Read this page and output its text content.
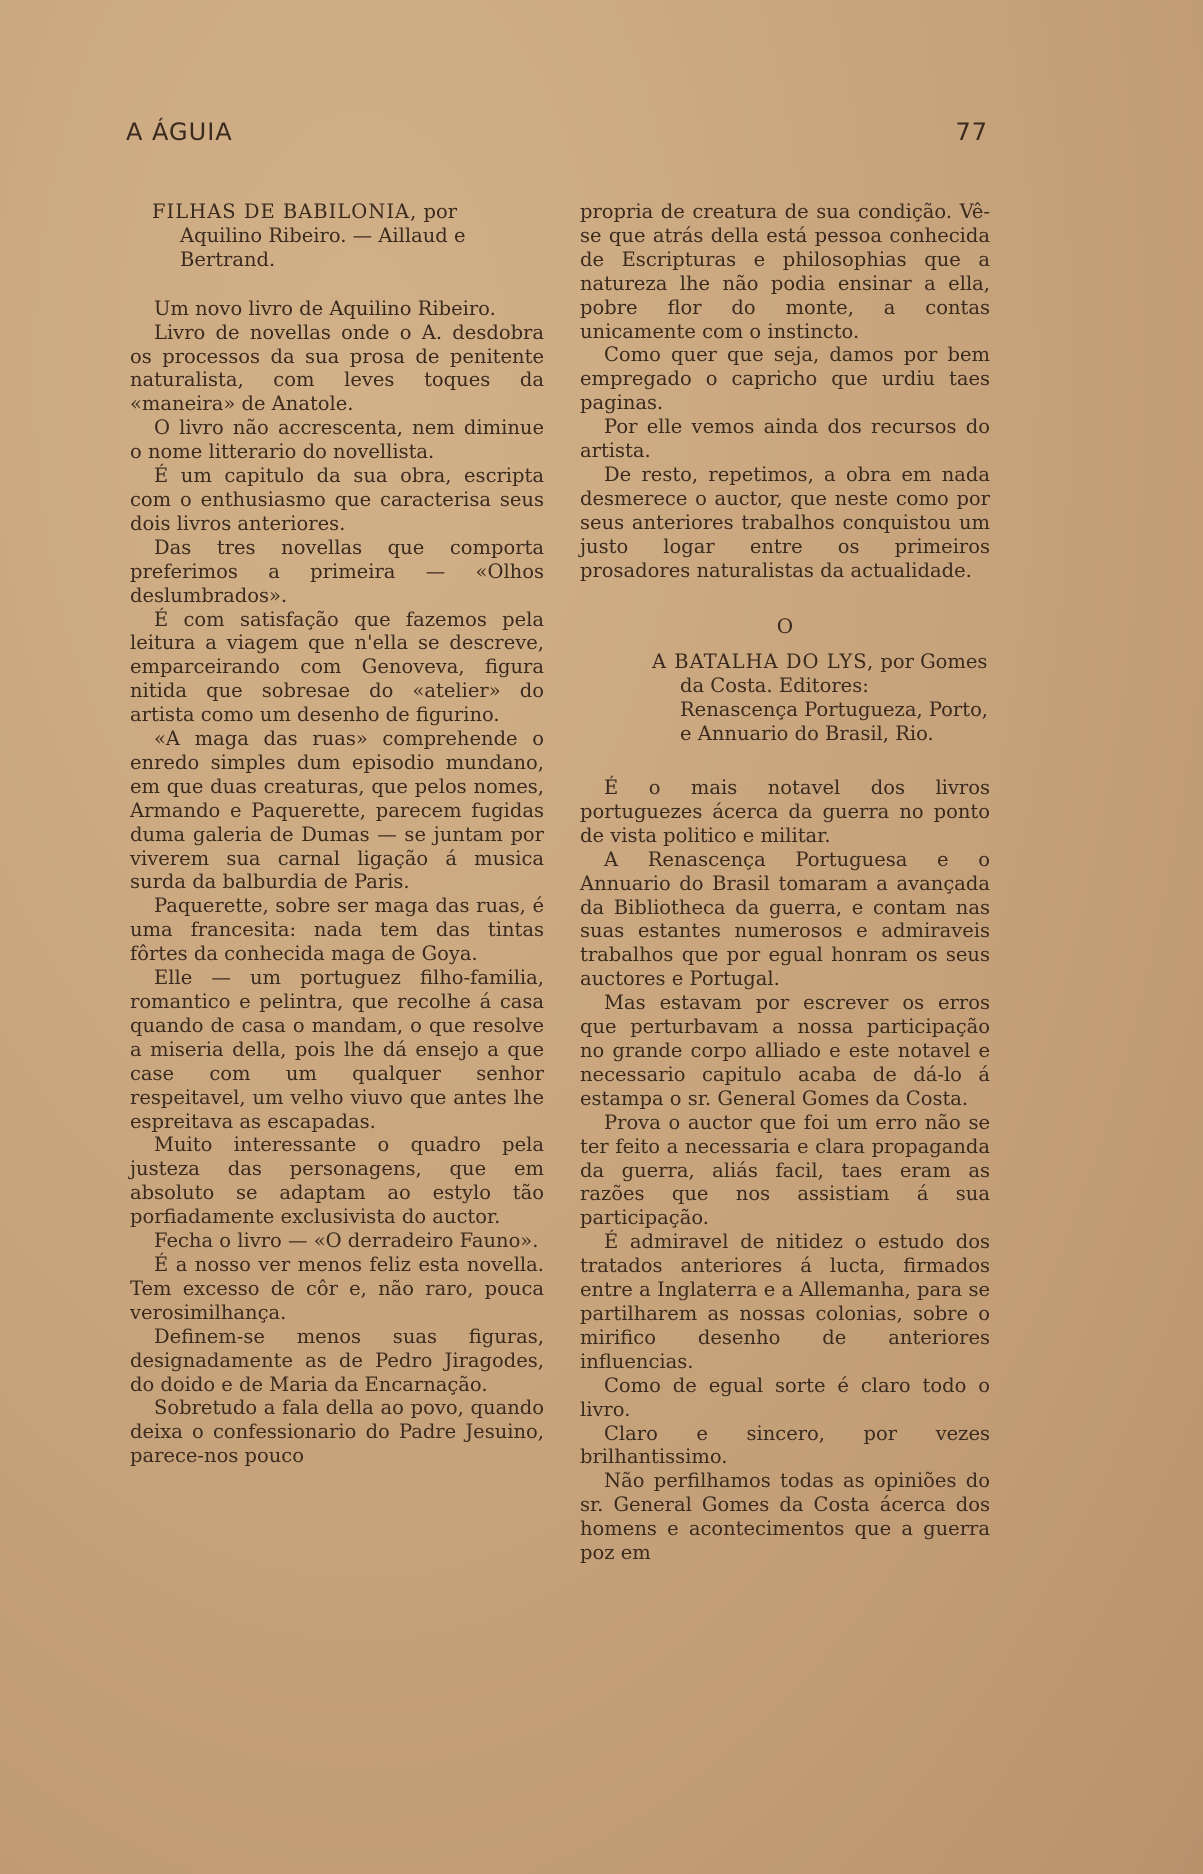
A ÁGUIA	77
FILHAS DE BABILONIA, por Aquilino Ribeiro. — Aillaud e Bertrand.

Um novo livro de Aquilino Ribeiro.

Livro de novellas onde o A. desdobra os processos da sua prosa de penitente naturalista, com leves toques da «maneira» de Anatole.

O livro não accrescenta, nem diminue o nome litterario do novellista.

É um capitulo da sua obra, escripta com o enthusiasmo que caracterisa seus dois livros anteriores.

Das tres novellas que comporta preferimos a primeira — «Olhos deslumbrados».

É com satisfação que fazemos pela leitura a viagem que n'ella se descreve, emparceirando com Genoveva, figura nitida que sobresae do «atelier» do artista como um desenho de figurino.

«A maga das ruas» comprehende o enredo simples dum episodio mundano, em que duas creaturas, que pelos nomes, Armando e Paquerette, parecem fugidas duma galeria de Dumas — se juntam por viverem sua carnal ligação á musica surda da balburdia de Paris.

Paquerette, sobre ser maga das ruas, é uma francesita: nada tem das tintas fôrtes da conhecida maga de Goya.

Elle — um portuguez filho-familia, romantico e pelintra, que recolhe á casa quando de casa o mandam, o que resolve a miseria della, pois lhe dá ensejo a que case com um qualquer senhor respeitavel, um velho viuvo que antes lhe espreitava as escapadas.

Muito interessante o quadro pela justeza das personagens, que em absoluto se adaptam ao estylo tão porfiadamente exclusivista do auctor.

Fecha o livro — «O derradeiro Fauno».

É a nosso ver menos feliz esta novella. Tem excesso de côr e, não raro, pouca verosimilhança.

Definem-se menos suas figuras, designadamente as de Pedro Jiragodes, do doido e de Maria da Encarnação.

Sobretudo a fala della ao povo, quando deixa o confessionario do Padre Jesuino, parece-nos pouco

propria de creatura de sua condição. Vê-se que atrás della está pessoa conhecida de Escripturas e philosophias que a natureza lhe não podia ensinar a ella, pobre flor do monte, a contas unicamente com o instincto.

Como quer que seja, damos por bem empregado o capricho que urdiu taes paginas.

Por elle vemos ainda dos recursos do artista.

De resto, repetimos, a obra em nada desmerece o auctor, que neste como por seus anteriores trabalhos conquistou um justo logar entre os primeiros prosadores naturalistas da actualidade.

O
A BATALHA DO LYS, por Gomes da Costa. Editores: Renascença Portugueza, Porto, e Annuario do Brasil, Rio.

É o mais notavel dos livros portuguezes ácerca da guerra no ponto de vista politico e militar.

A Renascença Portuguesa e o Annuario do Brasil tomaram a avançada da Bibliotheca da guerra, e contam nas suas estantes numerosos e admiraveis trabalhos que por egual honram os seus auctores e Portugal.

Mas estavam por escrever os erros que perturbavam a nossa participação no grande corpo alliado e este notavel e necessario capitulo acaba de dá-lo á estampa o sr. General Gomes da Costa.

Prova o auctor que foi um erro não se ter feito a necessaria e clara propaganda da guerra, aliás facil, taes eram as razões que nos assistiam á sua participação.

É admiravel de nitidez o estudo dos tratados anteriores á lucta, firmados entre a Inglaterra e a Allemanha, para se partilharem as nossas colonias, sobre o mirifico desenho de anteriores influencias.

Como de egual sorte é claro todo o livro.

Claro e sincero, por vezes brilhantissimo.

Não perfilhamos todas as opiniões do sr. General Gomes da Costa ácerca dos homens e acontecimentos que a guerra poz em
